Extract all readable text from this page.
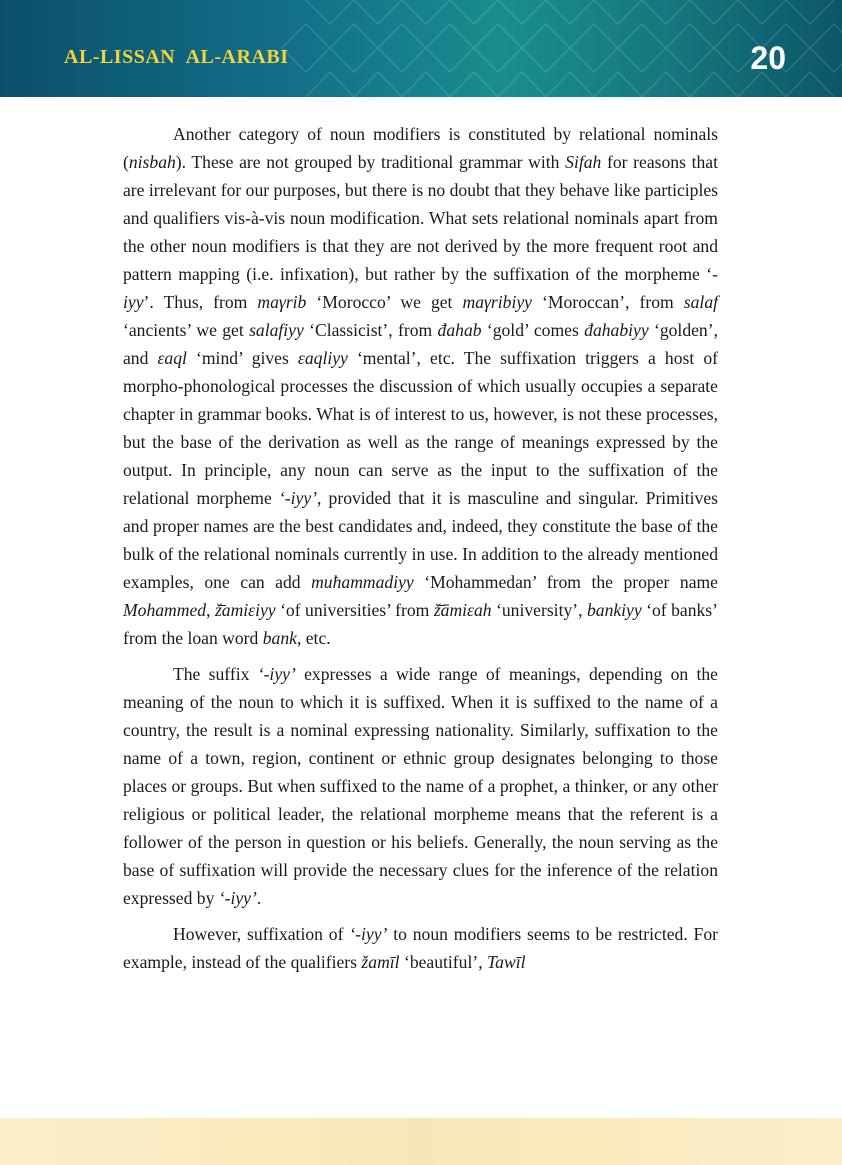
AL-LISSAN AL-ARABI	20

Another category of noun modifiers is constituted by relational nominals (nisbah). These are not grouped by traditional grammar with Sifah for reasons that are irrelevant for our purposes, but there is no doubt that they behave like participles and qualifiers vis-à-vis noun modification. What sets relational nominals apart from the other noun modifiers is that they are not derived by the more frequent root and pattern mapping (i.e. infixation), but rather by the suffixation of the morpheme ‘-iyy’. Thus, from maγrib ‘Morocco’ we get maγribiyy ‘Moroccan’, from salaf ‘ancients’ we get salafiyy ‘Classicist’, from đahab ‘gold’ comes đahabiyy ‘golden’, and εaql ‘mind’ gives εaqliyy ‘mental’, etc. The suffixation triggers a host of morpho-phonological processes the discussion of which usually occupies a separate chapter in grammar books. What is of interest to us, however, is not these processes, but the base of the derivation as well as the range of meanings expressed by the output. In principle, any noun can serve as the input to the suffixation of the relational morpheme ‘-iyy’, provided that it is masculine and singular. Primitives and proper names are the best candidates and, indeed, they constitute the base of the bulk of the relational nominals currently in use. In addition to the already mentioned examples, one can add muħammadiyy ‘Mohammedan’ from the proper name Mohammed, ž̄amiεiyy ‘of universities’ from ž̄āmiεah ‘university’, bankiyy ‘of banks’ from the loan word bank, etc.

The suffix ‘-iyy’ expresses a wide range of meanings, depending on the meaning of the noun to which it is suffixed. When it is suffixed to the name of a country, the result is a nominal expressing nationality. Similarly, suffixation to the name of a town, region, continent or ethnic group designates belonging to those places or groups. But when suffixed to the name of a prophet, a thinker, or any other religious or political leader, the relational morpheme means that the referent is a follower of the person in question or his beliefs. Generally, the noun serving as the base of suffixation will provide the necessary clues for the inference of the relation expressed by ‘-iyy’.

However, suffixation of ‘-iyy’ to noun modifiers seems to be restricted. For example, instead of the qualifiers žamīl ‘beautiful’, Tawīl
